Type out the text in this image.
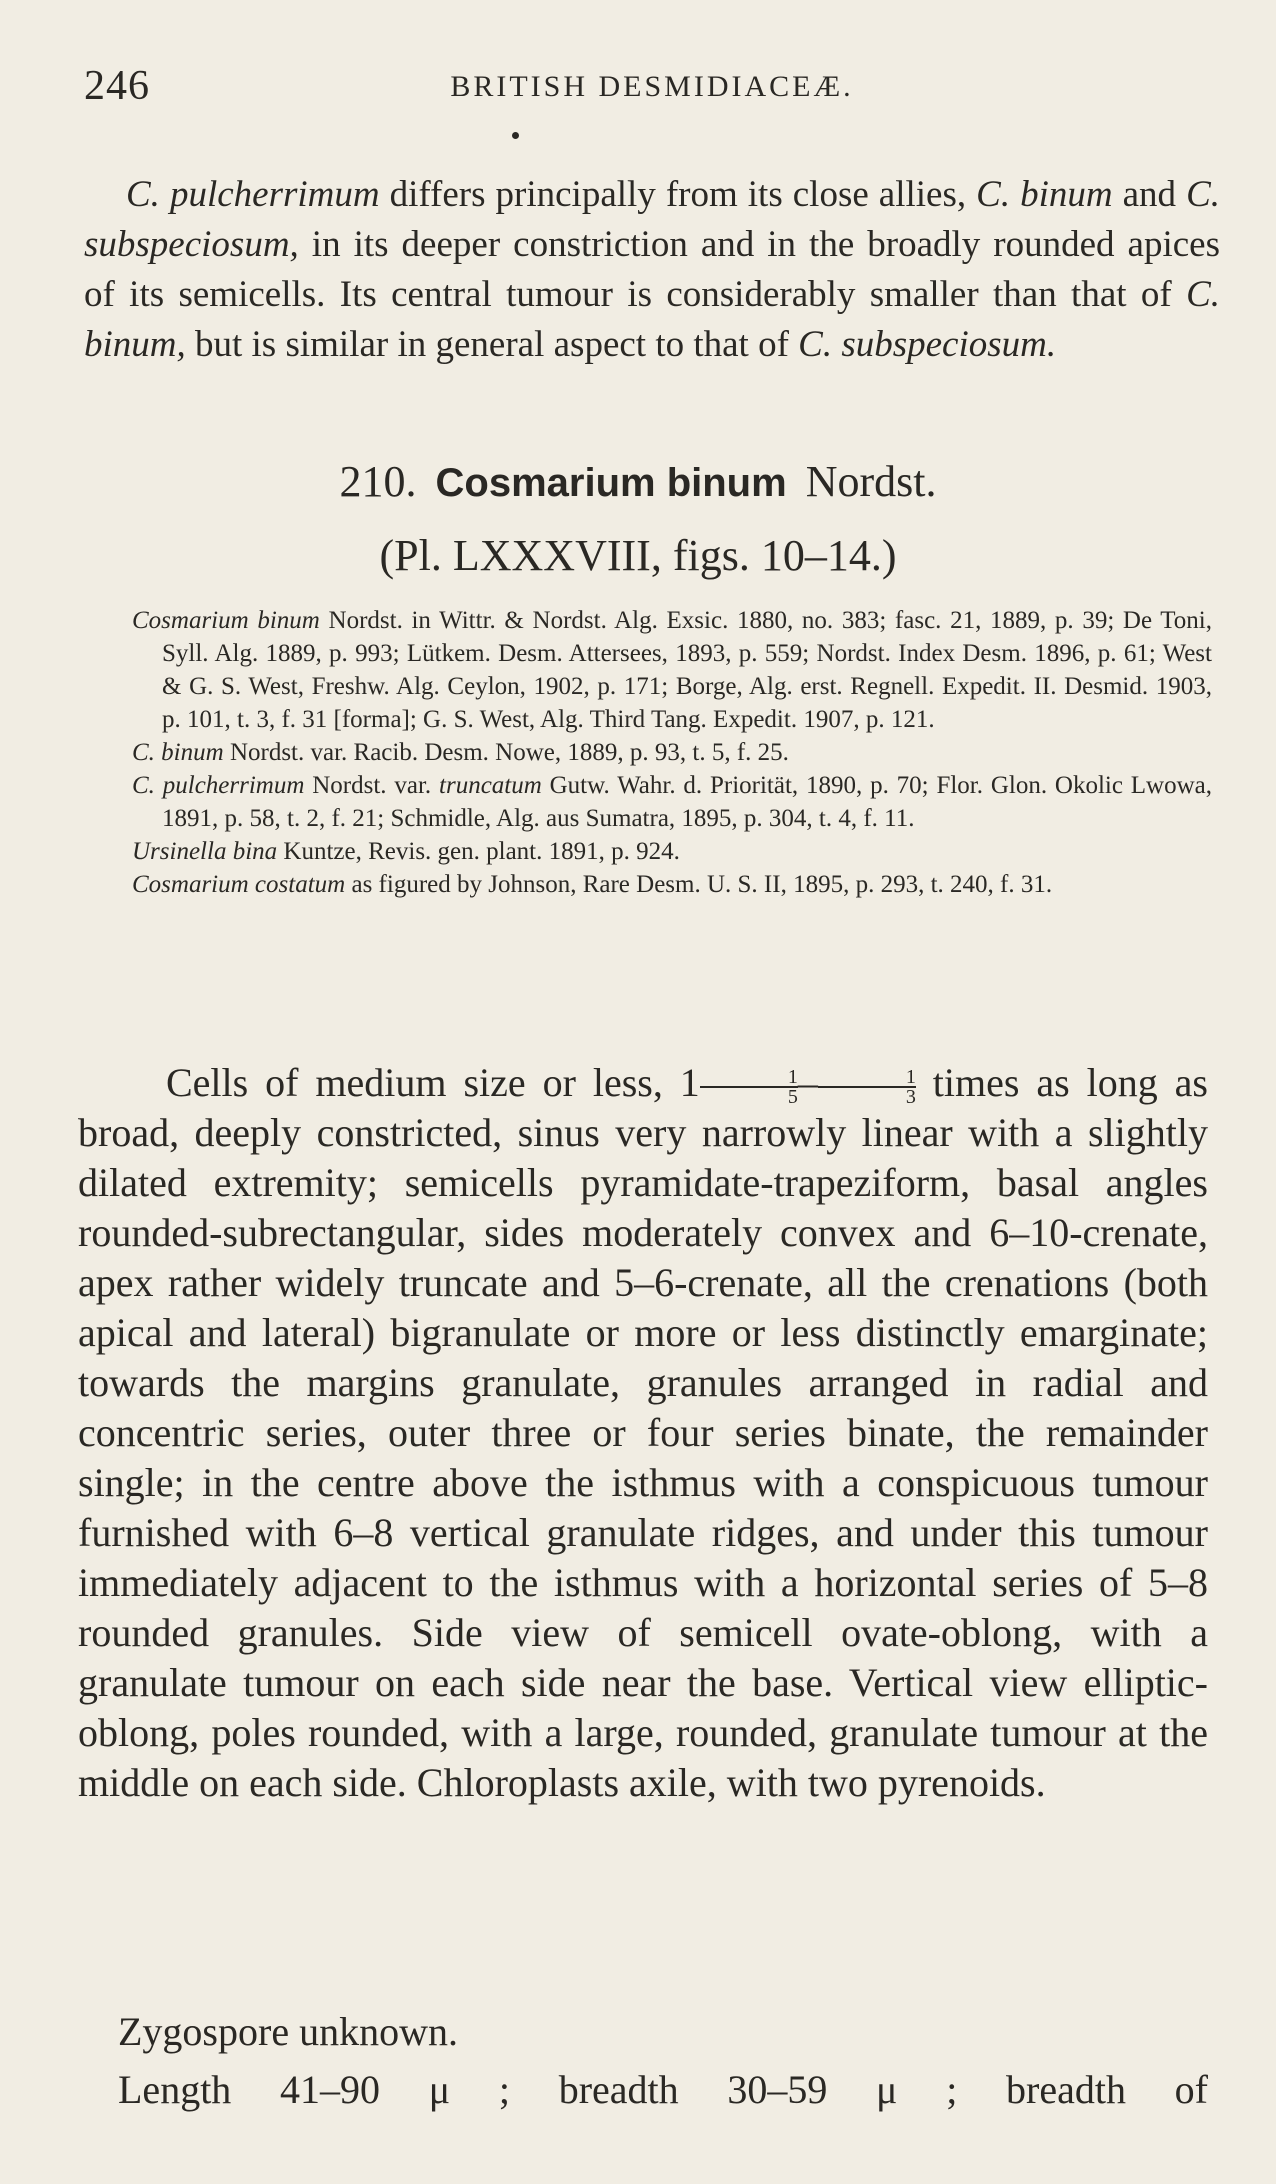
246	BRITISH DESMIDIACEÆ.

C. pulcherrimum differs principally from its close allies, C. binum and C. subspeciosum, in its deeper constriction and in the broadly rounded apices of its semicells. Its central tumour is considerably smaller than that of C. binum, but is similar in general aspect to that of C. subspeciosum.

210. Cosmarium binum Nordst.

(Pl. LXXXVIII, figs. 10–14.)

Cosmarium binum Nordst. in Wittr. & Nordst. Alg. Exsic. 1880, no. 383; fasc. 21, 1889, p. 39; De Toni, Syll. Alg. 1889, p. 993; Lütkem. Desm. Attersees, 1893, p. 559; Nordst. Index Desm. 1896, p. 61; West & G. S. West, Freshw. Alg. Ceylon, 1902, p. 171; Borge, Alg. erst. Regnell. Expedit. II. Desmid. 1903, p. 101, t. 3, f. 31 [forma]; G. S. West, Alg. Third Tang. Expedit. 1907, p. 121.

C. binum Nordst. var. Racib. Desm. Nowe, 1889, p. 93, t. 5, f. 25.

C. pulcherrimum Nordst. var. truncatum Gutw. Wahr. d. Priorität, 1890, p. 70; Flor. Glon. Okolic Lwowa, 1891, p. 58, t. 2, f. 21; Schmidle, Alg. aus Sumatra, 1895, p. 304, t. 4, f. 11.

Ursinella bina Kuntze, Revis. gen. plant. 1891, p. 924.

Cosmarium costatum as figured by Johnson, Rare Desm. U. S. II, 1895, p. 293, t. 240, f. 31.

Cells of medium size or less, $1 \frac{1}{5} - \frac{1}{3}$ times as long as broad, deeply constricted, sinus very narrowly linear with a slightly dilated extremity; semicells pyramidate-trapeziform, basal angles rounded-subrectangular, sides moderately convex and 6–10-crenate, apex rather widely truncate and 5–6-crenate, all the crenations (both apical and lateral) bigranulate or more or less distinctly emarginate; towards the margins granulate, granules arranged in radial and concentric series, outer three or four series binate, the remainder single; in the centre above the isthmus with a conspicuous tumour furnished with 6–8 vertical granulate ridges, and under this tumour immediately adjacent to the isthmus with a horizontal series of 5–8 rounded granules. Side view of semicell ovate-oblong, with a granulate tumour on each side near the base. Vertical view elliptic-oblong, poles rounded, with a large, rounded, granulate tumour at the middle on each side. Chloroplasts axile, with two pyrenoids.

Zygospore unknown.

Length 41–90 μ ; breadth 30–59 μ ; breadth of
